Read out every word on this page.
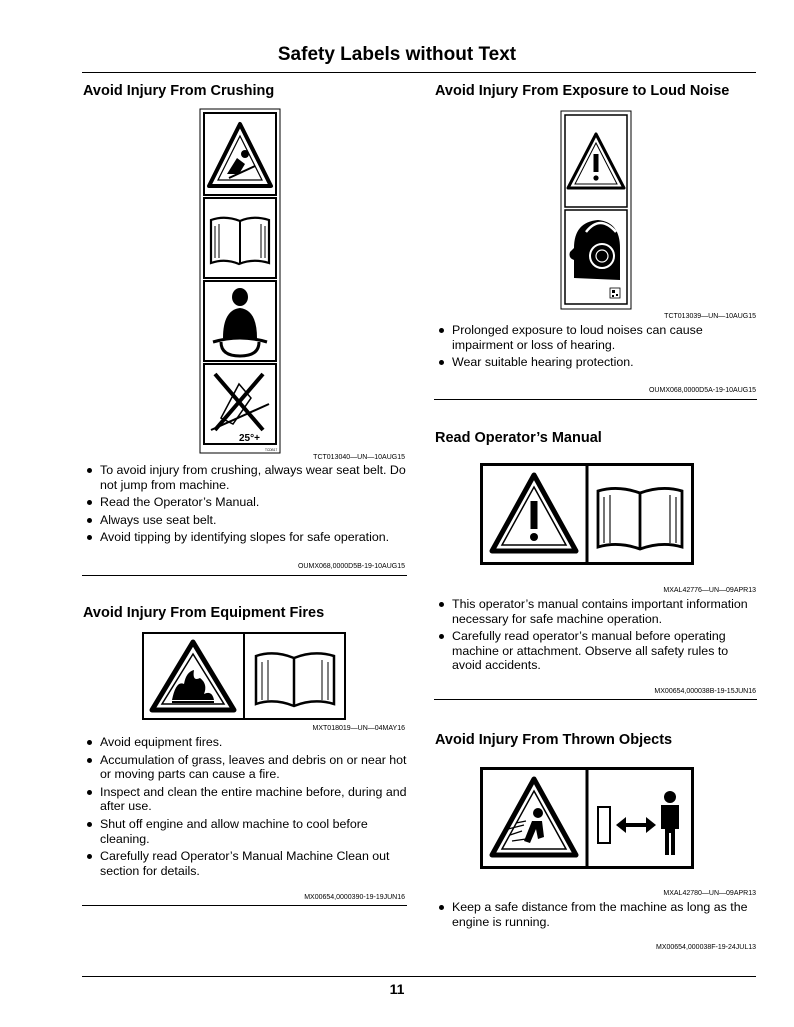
Safety Labels without Text
Avoid Injury From Crushing
25°+
TCDB17
TCT013040—UN—10AUG15
To avoid injury from crushing, always wear seat belt. Do not jump from machine.
Read the Operator’s Manual.
Always use seat belt.
Avoid tipping by identifying slopes for safe operation.
OUMX068,0000D5B-19-10AUG15
Avoid Injury From Equipment Fires
MXT018019—UN—04MAY16
Avoid equipment fires.
Accumulation of grass, leaves and debris on or near hot or moving parts can cause a fire.
Inspect and clean the entire machine before, during and after use.
Shut off engine and allow machine to cool before cleaning.
Carefully read Operator’s Manual Machine Clean out section for details.
MX00654,0000390-19-19JUN16
Avoid Injury From Exposure to Loud Noise
TCT013039—UN—10AUG15
Prolonged exposure to loud noises can cause impairment or loss of hearing.
Wear suitable hearing protection.
OUMX068,0000D5A-19-10AUG15
Read Operator’s Manual
MXAL42776—UN—09APR13
This operator’s manual contains important information necessary for safe machine operation.
Carefully read operator’s manual before operating machine or attachment. Observe all safety rules to avoid accidents.
MX00654,000038B-19-15JUN16
Avoid Injury From Thrown Objects
MXAL42780—UN—09APR13
Keep a safe distance from the machine as long as the engine is running.
MX00654,000038F-19-24JUL13
11
